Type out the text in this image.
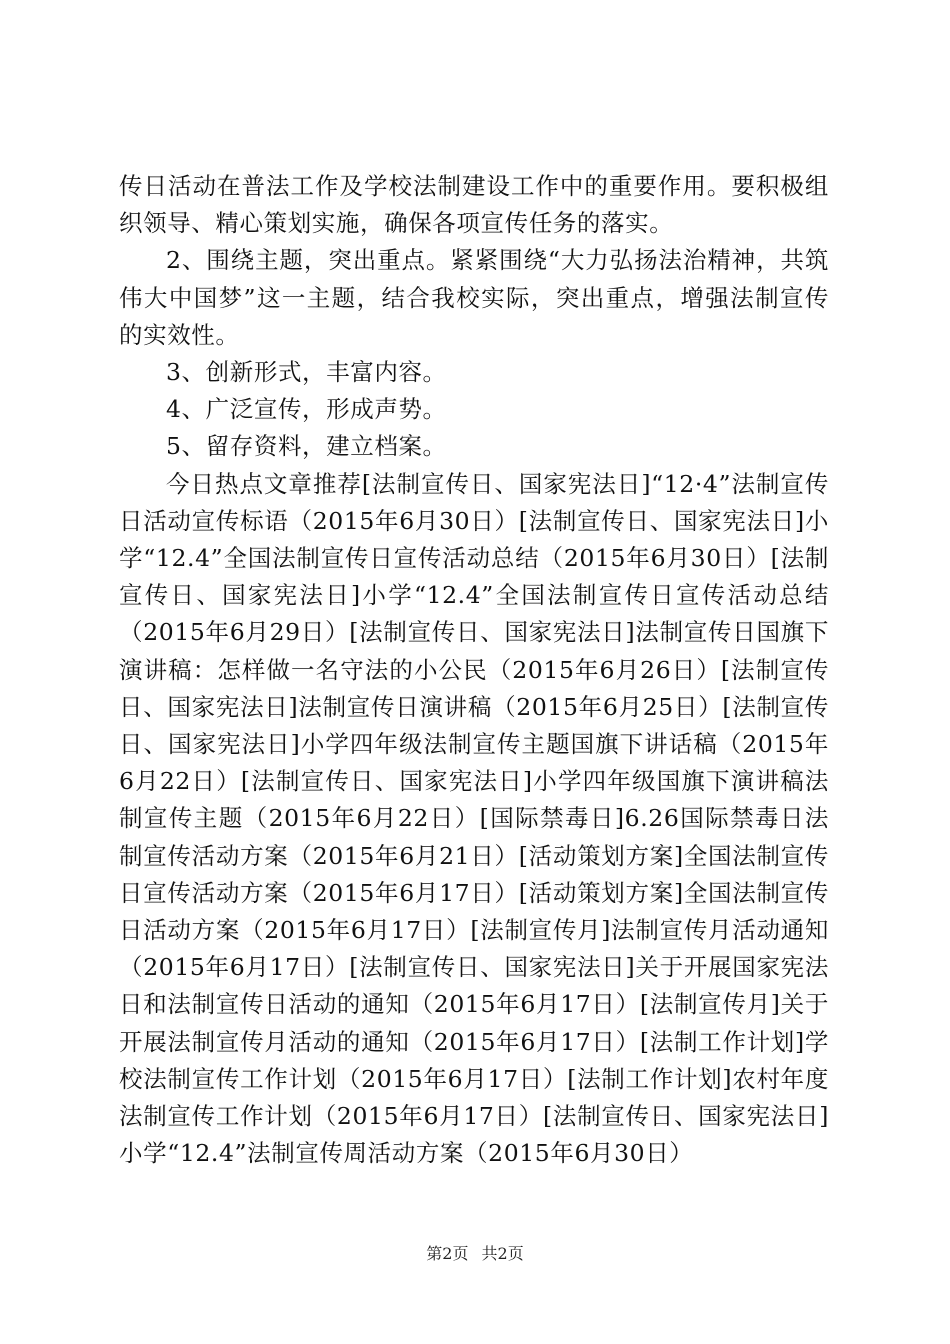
传日活动在普法工作及学校法制建设工作中的重要作用。要积极组织领导、精心策划实施，确保各项宣传任务的落实。

2、围绕主题，突出重点。紧紧围绕“大力弘扬法治精神，共筑伟大中国梦”这一主题，结合我校实际，突出重点，增强法制宣传的实效性。

3、创新形式，丰富内容。

4、广泛宣传，形成声势。

5、留存资料，建立档案。

今日热点文章推荐[法制宣传日、国家宪法日]“12·4”法制宣传日活动宣传标语（2015年6月30日）[法制宣传日、国家宪法日]小学“12.4”全国法制宣传日宣传活动总结（2015年6月30日）[法制宣传日、国家宪法日]小学“12.4”全国法制宣传日宣传活动总结（2015年6月29日）[法制宣传日、国家宪法日]法制宣传日国旗下演讲稿：怎样做一名守法的小公民（2015年6月26日）[法制宣传日、国家宪法日]法制宣传日演讲稿（2015年6月25日）[法制宣传日、国家宪法日]小学四年级法制宣传主题国旗下讲话稿（2015年6月22日）[法制宣传日、国家宪法日]小学四年级国旗下演讲稿法制宣传主题（2015年6月22日）[国际禁毒日]6.26国际禁毒日法制宣传活动方案（2015年6月21日）[活动策划方案]全国法制宣传日宣传活动方案（2015年6月17日）[活动策划方案]全国法制宣传日活动方案（2015年6月17日）[法制宣传月]法制宣传月活动通知（2015年6月17日）[法制宣传日、国家宪法日]关于开展国家宪法日和法制宣传日活动的通知（2015年6月17日）[法制宣传月]关于开展法制宣传月活动的通知（2015年6月17日）[法制工作计划]学校法制宣传工作计划（2015年6月17日）[法制工作计划]农村年度法制宣传工作计划（2015年6月17日）[法制宣传日、国家宪法日]小学“12.4”法制宣传周活动方案（2015年6月30日）

第2页 共2页
